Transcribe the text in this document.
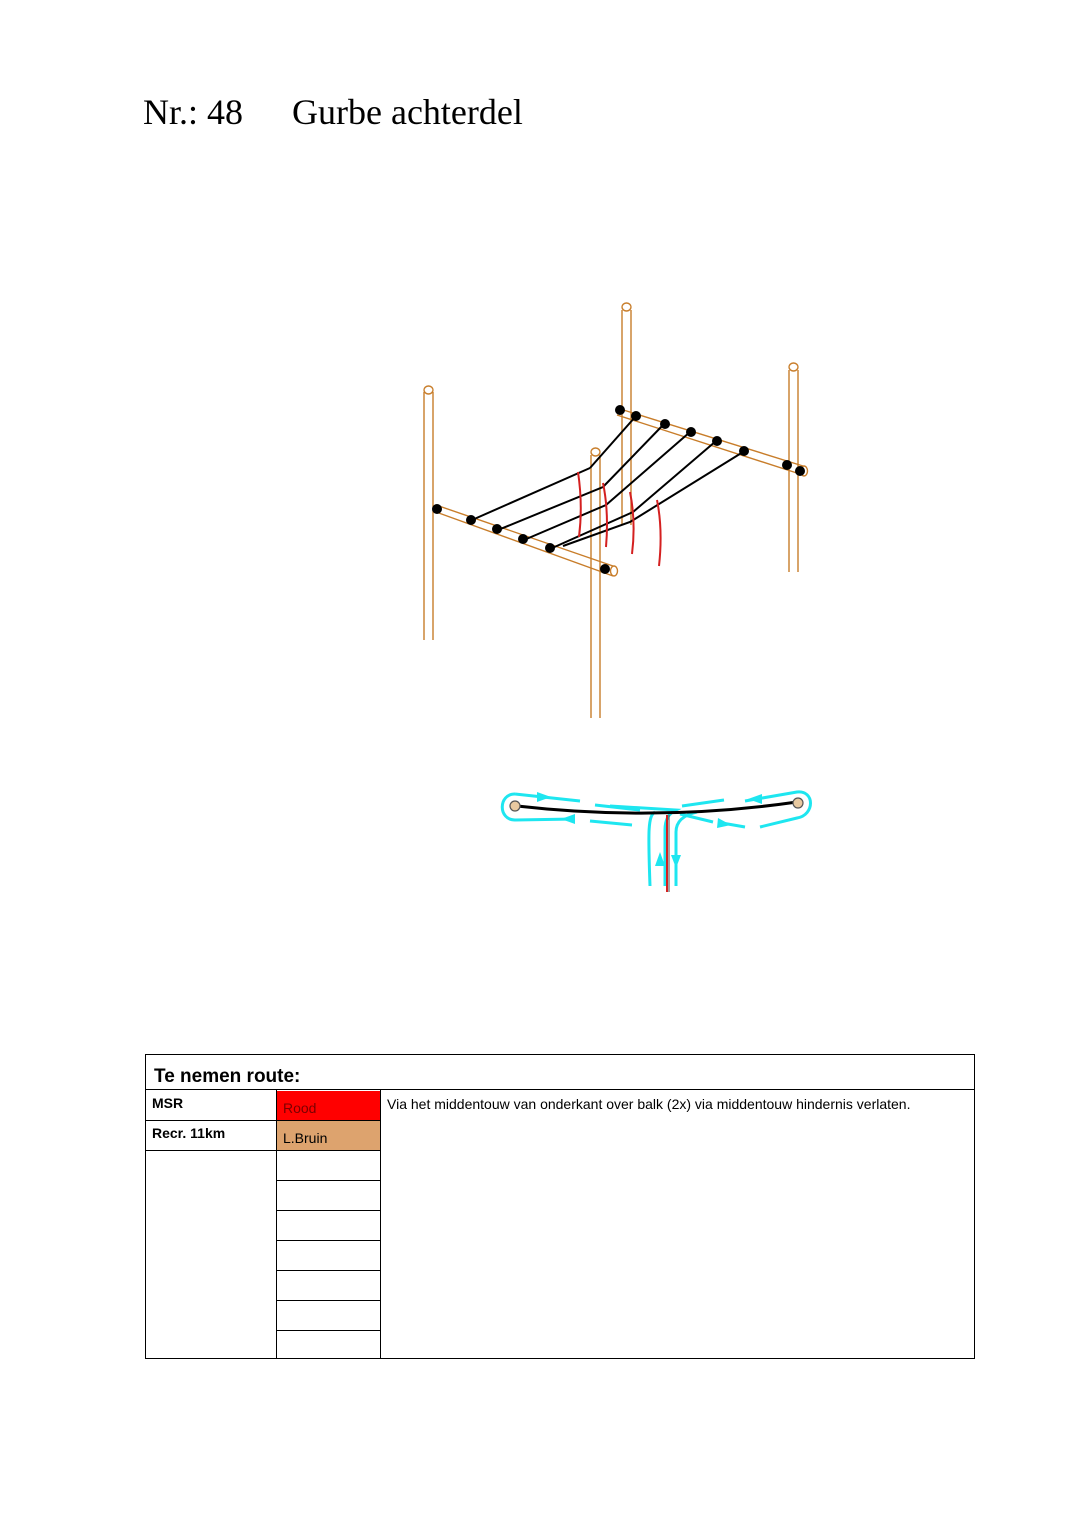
Nr.: 48 Gurbe achterdel
Te nemen route:
MSR	Rood
Recr. 11km	L.Bruin
Via het middentouw van onderkant over balk (2x) via middentouw hindernis verlaten.
